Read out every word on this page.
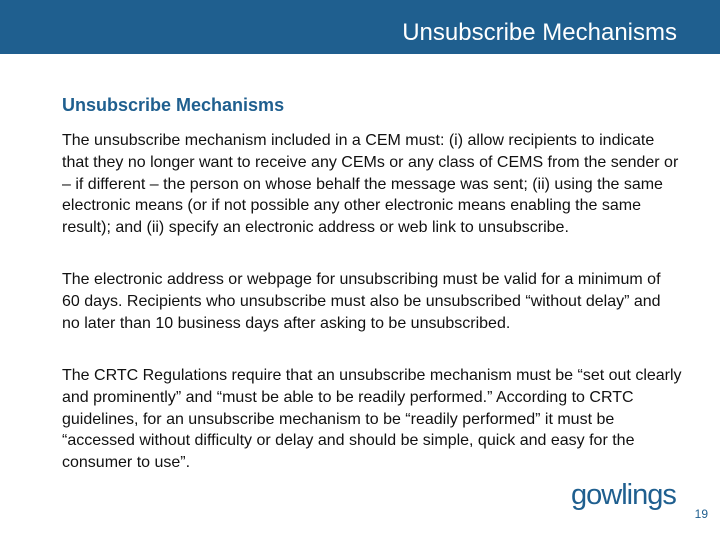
Unsubscribe Mechanisms
Unsubscribe Mechanisms

The unsubscribe mechanism included in a CEM must: (i) allow recipients to indicate that they no longer want to receive any CEMs or any class of CEMS from the sender or – if different – the person on whose behalf the message was sent; (ii) using the same electronic means (or if not possible any other electronic means enabling the same result); and (ii) specify an electronic address or web link to unsubscribe.

The electronic address or webpage for unsubscribing must be valid for a minimum of 60 days. Recipients who unsubscribe must also be unsubscribed “without delay” and no later than 10 business days after asking to be unsubscribed.

The CRTC Regulations require that an unsubscribe mechanism must be “set out clearly and prominently” and “must be able to be readily performed.” According to CRTC guidelines, for an unsubscribe mechanism to be “readily performed” it must be “accessed without difficulty or delay and should be simple, quick and easy for the consumer to use”.

gowlings
19
